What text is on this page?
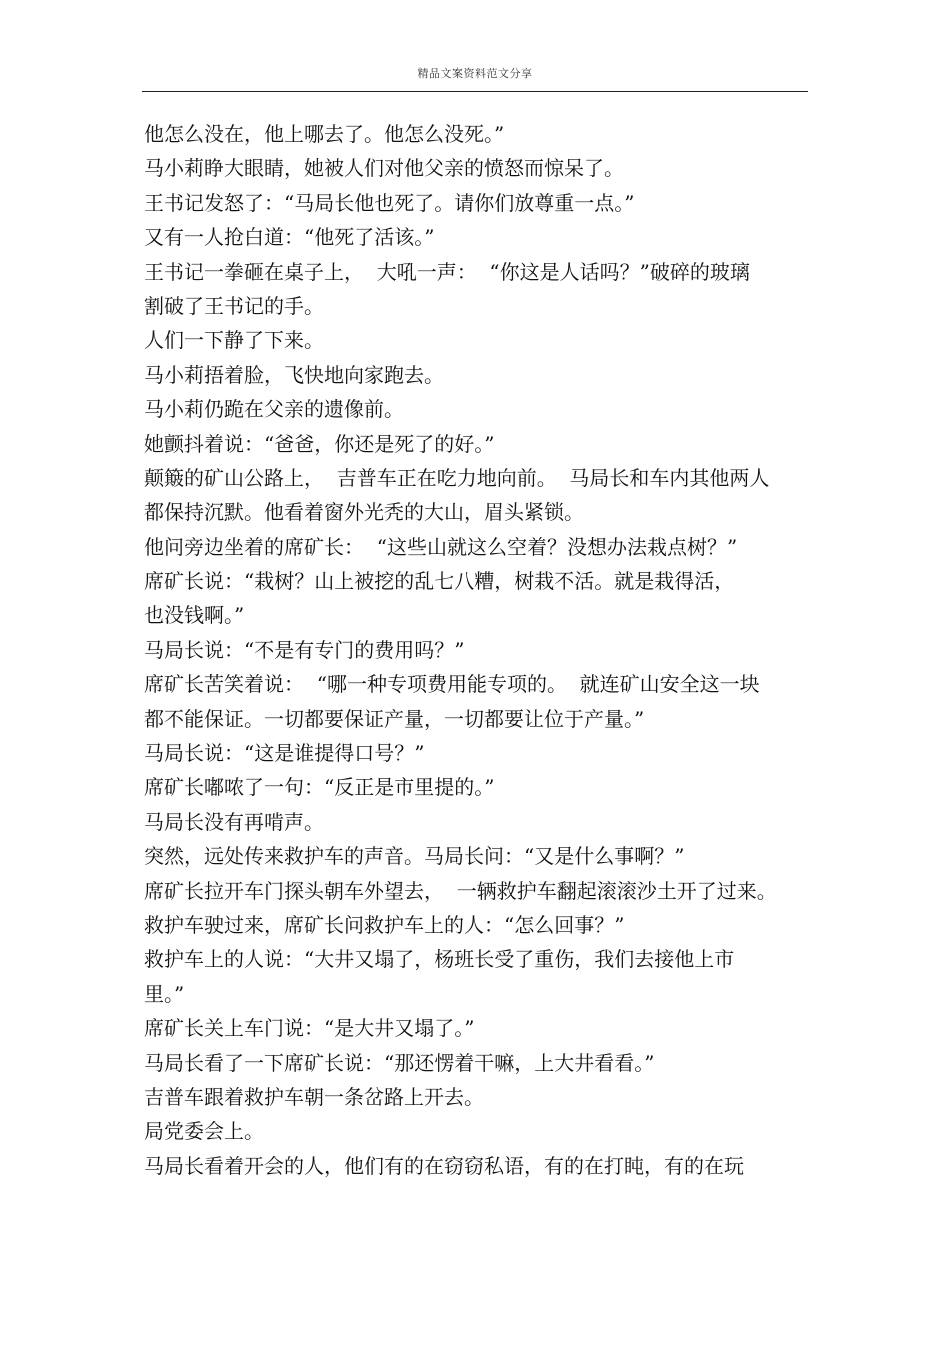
精品文案资料范文分享
他怎么没在，他上哪去了。他怎么没死。”
马小莉睁大眼睛，她被人们对他父亲的愤怒而惊呆了。
王书记发怒了：“马局长他也死了。请你们放尊重一点。”
又有一人抢白道：“他死了活该。”
王书记一拳砸在桌子上，  大吼一声：  “你这是人话吗？”破碎的玻璃
割破了王书记的手。
人们一下静了下来。
马小莉捂着脸，飞快地向家跑去。
马小莉仍跪在父亲的遗像前。
她颤抖着说：“爸爸，你还是死了的好。”
颠簸的矿山公路上，  吉普车正在吃力地向前。  马局长和车内其他两人
都保持沉默。他看着窗外光秃的大山，眉头紧锁。
他问旁边坐着的席矿长：  “这些山就这么空着？没想办法栽点树？”
席矿长说：“栽树？山上被挖的乱七八糟，树栽不活。就是栽得活，
也没钱啊。”
马局长说：“不是有专门的费用吗？”
席矿长苦笑着说：  “哪一种专项费用能专项的。  就连矿山安全这一块
都不能保证。一切都要保证产量，一切都要让位于产量。”
马局长说：“这是谁提得口号？”
席矿长嘟哝了一句：“反正是市里提的。”
马局长没有再啃声。
突然，远处传来救护车的声音。马局长问：“又是什么事啊？”
席矿长拉开车门探头朝车外望去，  一辆救护车翻起滚滚沙土开了过来。
救护车驶过来，席矿长问救护车上的人：“怎么回事？”
救护车上的人说：“大井又塌了，杨班长受了重伤，我们去接他上市
里。”
席矿长关上车门说：“是大井又塌了。”
马局长看了一下席矿长说：“那还愣着干嘛，上大井看看。”
吉普车跟着救护车朝一条岔路上开去。
局党委会上。
马局长看着开会的人，他们有的在窃窃私语，有的在打盹，有的在玩
